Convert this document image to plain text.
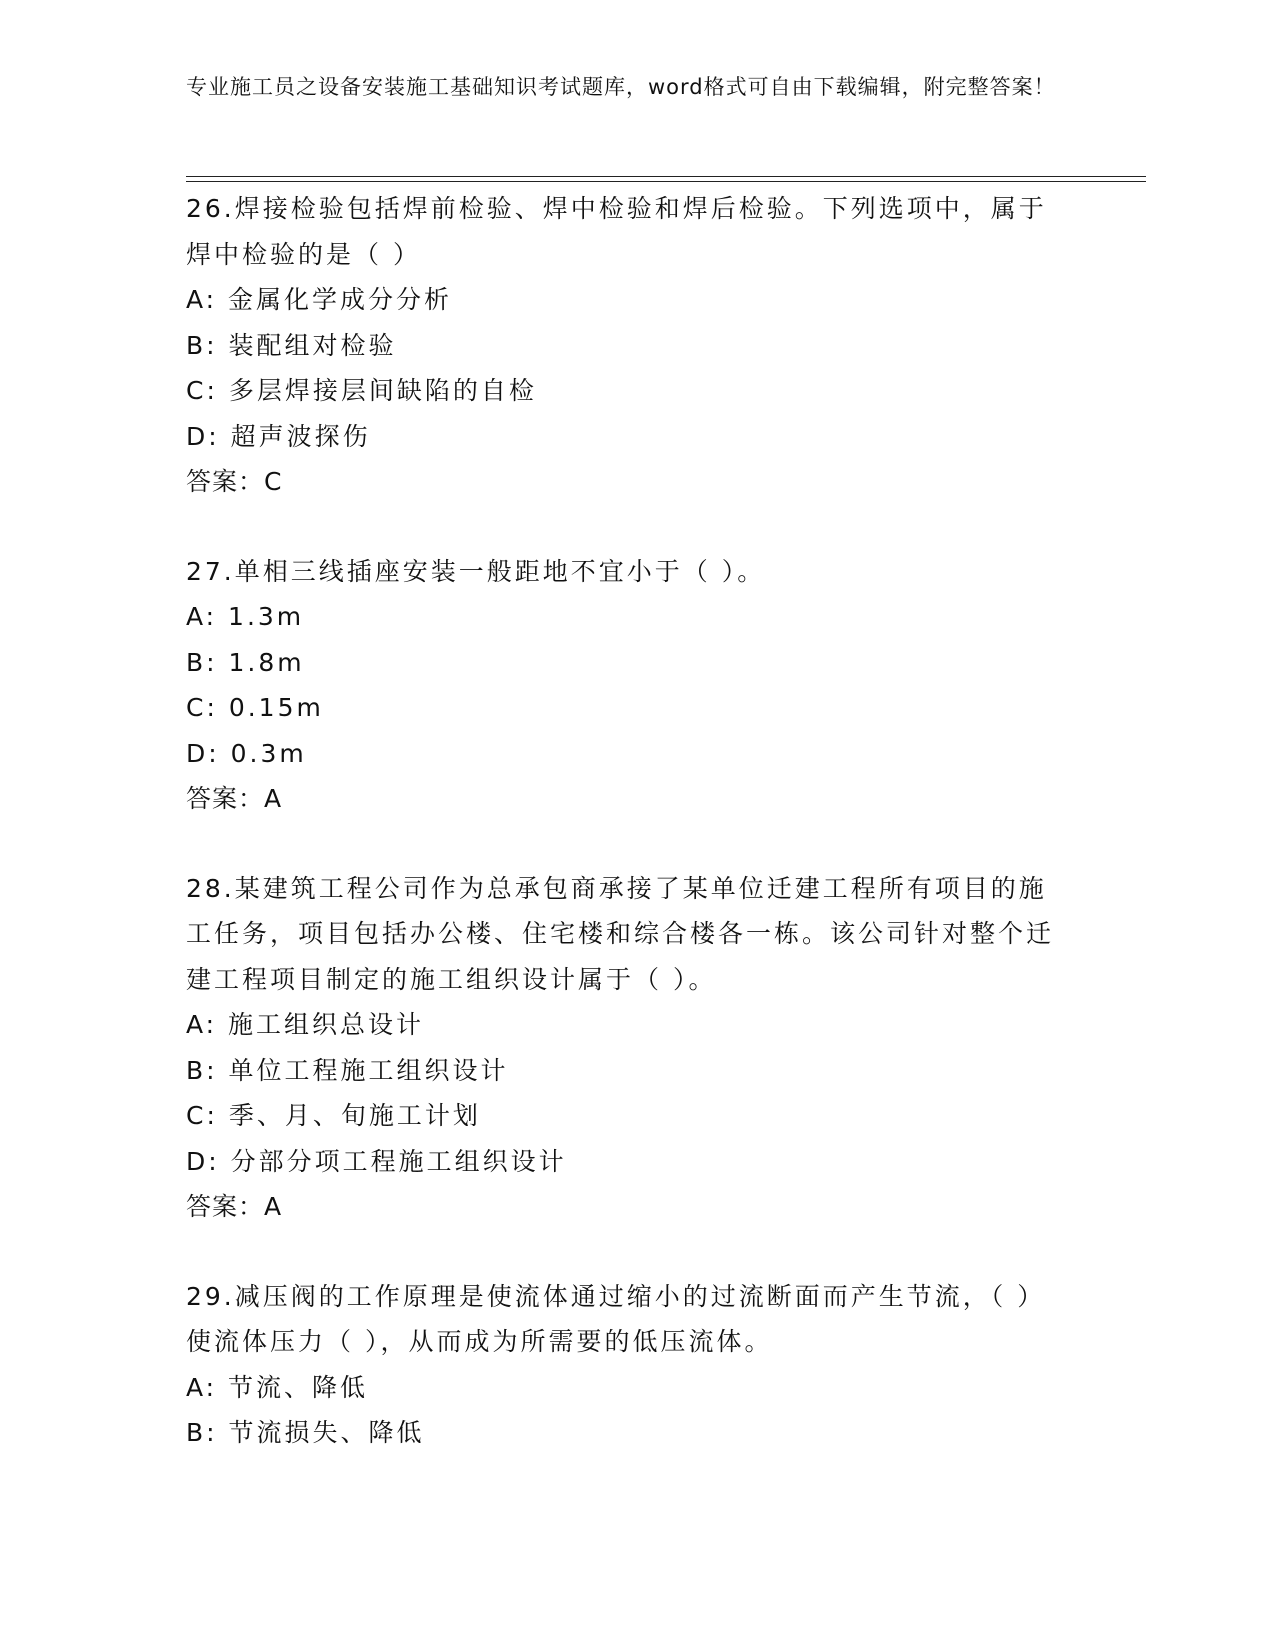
专业施工员之设备安装施工基础知识考试题库，word格式可自由下载编辑，附完整答案！

26.焊接检验包括焊前检验、焊中检验和焊后检验。下列选项中，属于焊中检验的是（ ）

A: 金属化学成分分析

B: 装配组对检验

C: 多层焊接层间缺陷的自检

D: 超声波探伤

答案：C

27.单相三线插座安装一般距地不宜小于（ ）。

A: 1.3m

B: 1.8m

C: 0.15m

D: 0.3m

答案：A

28.某建筑工程公司作为总承包商承接了某单位迁建工程所有项目的施工任务，项目包括办公楼、住宅楼和综合楼各一栋。该公司针对整个迁建工程项目制定的施工组织设计属于（ ）。

A: 施工组织总设计

B: 单位工程施工组织设计

C: 季、月、旬施工计划

D: 分部分项工程施工组织设计

答案：A

29.减压阀的工作原理是使流体通过缩小的过流断面而产生节流，（ ）使流体压力（ ），从而成为所需要的低压流体。

A: 节流、降低

B: 节流损失、降低
